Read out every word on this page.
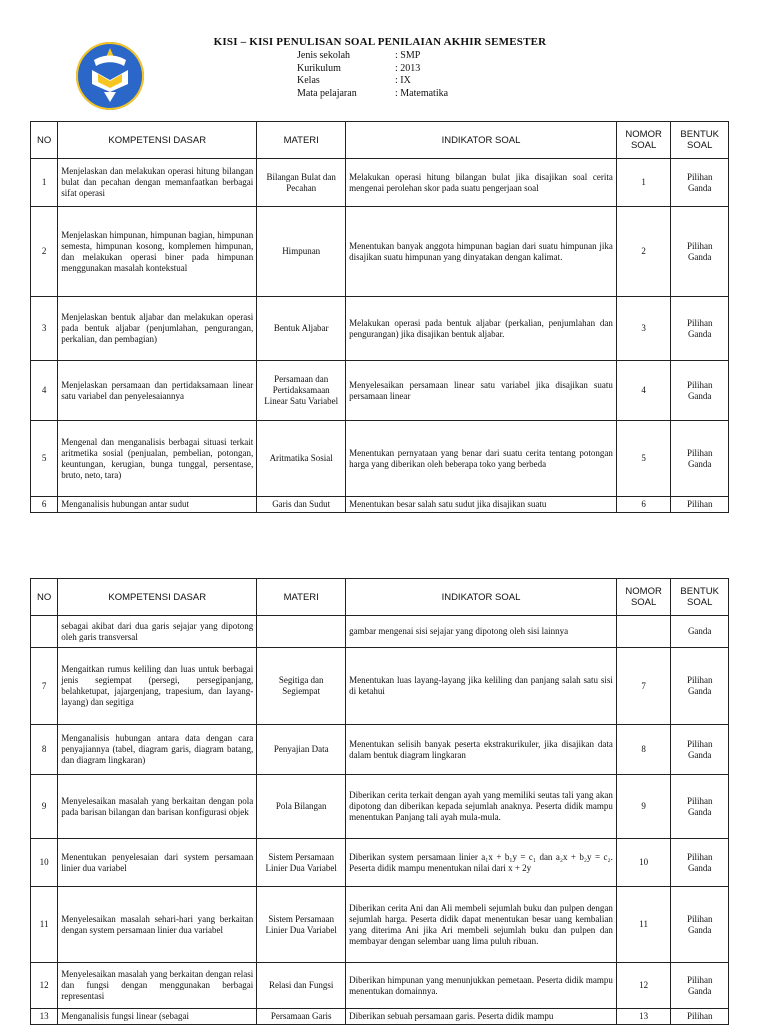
KISI – KISI PENULISAN SOAL PENILAIAN AKHIR SEMESTER
Jenis sekolah	: SMP
Kurikulum	: 2013
Kelas	: IX
Mata pelajaran	: Matematika
NO	KOMPETENSI DASAR	MATERI	INDIKATOR SOAL	NOMOR SOAL	BENTUK SOAL
1	Menjelaskan dan melakukan operasi hitung bilangan bulat dan pecahan dengan memanfaatkan berbagai sifat operasi	Bilangan Bulat dan Pecahan	Melakukan operasi hitung bilangan bulat jika disajikan soal cerita mengenai perolehan skor pada suatu pengerjaan soal	1	Pilihan Ganda
2	Menjelaskan himpunan, himpunan bagian, himpunan semesta, himpunan kosong, komplemen himpunan, dan melakukan operasi biner pada himpunan menggunakan masalah kontekstual	Himpunan	Menentukan banyak anggota himpunan bagian dari suatu himpunan jika disajikan suatu himpunan yang dinyatakan dengan kalimat.	2	Pilihan Ganda
3	Menjelaskan bentuk aljabar dan melakukan operasi pada bentuk aljabar (penjumlahan, pengurangan, perkalian, dan pembagian)	Bentuk Aljabar	Melakukan operasi pada bentuk aljabar (perkalian, penjumlahan dan pengurangan) jika disajikan bentuk aljabar.	3	Pilihan Ganda
4	Menjelaskan persamaan dan pertidaksamaan linear satu variabel dan penyelesaiannya	Persamaan dan Pertidaksamaan Linear Satu Variabel	Menyelesaikan persamaan linear satu variabel jika disajikan suatu persamaan linear	4	Pilihan Ganda
5	Mengenal dan menganalisis berbagai situasi terkait aritmetika sosial (penjualan, pembelian, potongan, keuntungan, kerugian, bunga tunggal, persentase, bruto, neto, tara)	Aritmatika Sosial	Menentukan pernyataan yang benar dari suatu cerita tentang potongan harga yang diberikan oleh beberapa toko yang berbeda	5	Pilihan Ganda
6	Menganalisis hubungan antar sudut	Garis dan Sudut	Menentukan besar salah satu sudut jika disajikan suatu	6	Pilihan
NO	KOMPETENSI DASAR	MATERI	INDIKATOR SOAL	NOMOR SOAL	BENTUK SOAL
	sebagai akibat dari dua garis sejajar yang dipotong oleh garis transversal		gambar mengenai sisi sejajar yang dipotong oleh sisi lainnya		Ganda
7	Mengaitkan rumus keliling dan luas untuk berbagai jenis segiempat (persegi, persegipanjang, belahketupat, jajargenjang, trapesium, dan layang-layang) dan segitiga	Segitiga dan Segiempat	Menentukan luas layang-layang jika keliling dan panjang salah satu sisi di ketahui	7	Pilihan Ganda
8	Menganalisis hubungan antara data dengan cara penyajiannya (tabel, diagram garis, diagram batang, dan diagram lingkaran)	Penyajian Data	Menentukan selisih banyak peserta ekstrakurikuler, jika disajikan data dalam bentuk diagram lingkaran	8	Pilihan Ganda
9	Menyelesaikan masalah yang berkaitan dengan pola pada barisan bilangan dan barisan konfigurasi objek	Pola Bilangan	Diberikan cerita terkait dengan ayah yang memiliki seutas tali yang akan dipotong dan diberikan kepada sejumlah anaknya. Peserta didik mampu menentukan Panjang tali ayah mula-mula.	9	Pilihan Ganda
10	Menentukan penyelesaian dari system persamaan linier dua variabel	Sistem Persamaan Linier Dua Variabel	Diberikan system persamaan linier a₁x + b₁y = c₁ dan a₂x + b₂y = c₂. Peserta didik mampu menentukan nilai dari x + 2y	10	Pilihan Ganda
11	Menyelesaikan masalah sehari-hari yang berkaitan dengan system persamaan linier dua variabel	Sistem Persamaan Linier Dua Variabel	Diberikan cerita Ani dan Ali membeli sejumlah buku dan pulpen dengan sejumlah harga. Peserta didik dapat menentukan besar uang kembalian yang diterima Ani jika Ari membeli sejumlah buku dan pulpen dan membayar dengan selembar uang lima puluh ribuan.	11	Pilihan Ganda
12	Menyelesaikan masalah yang berkaitan dengan relasi dan fungsi dengan menggunakan berbagai representasi	Relasi dan Fungsi	Diberikan himpunan yang menunjukkan pemetaan. Peserta didik mampu menentukan domainnya.	12	Pilihan Ganda
13	Menganalisis fungsi linear (sebagai	Persamaan Garis	Diberikan sebuah persamaan garis. Peserta didik mampu	13	Pilihan
